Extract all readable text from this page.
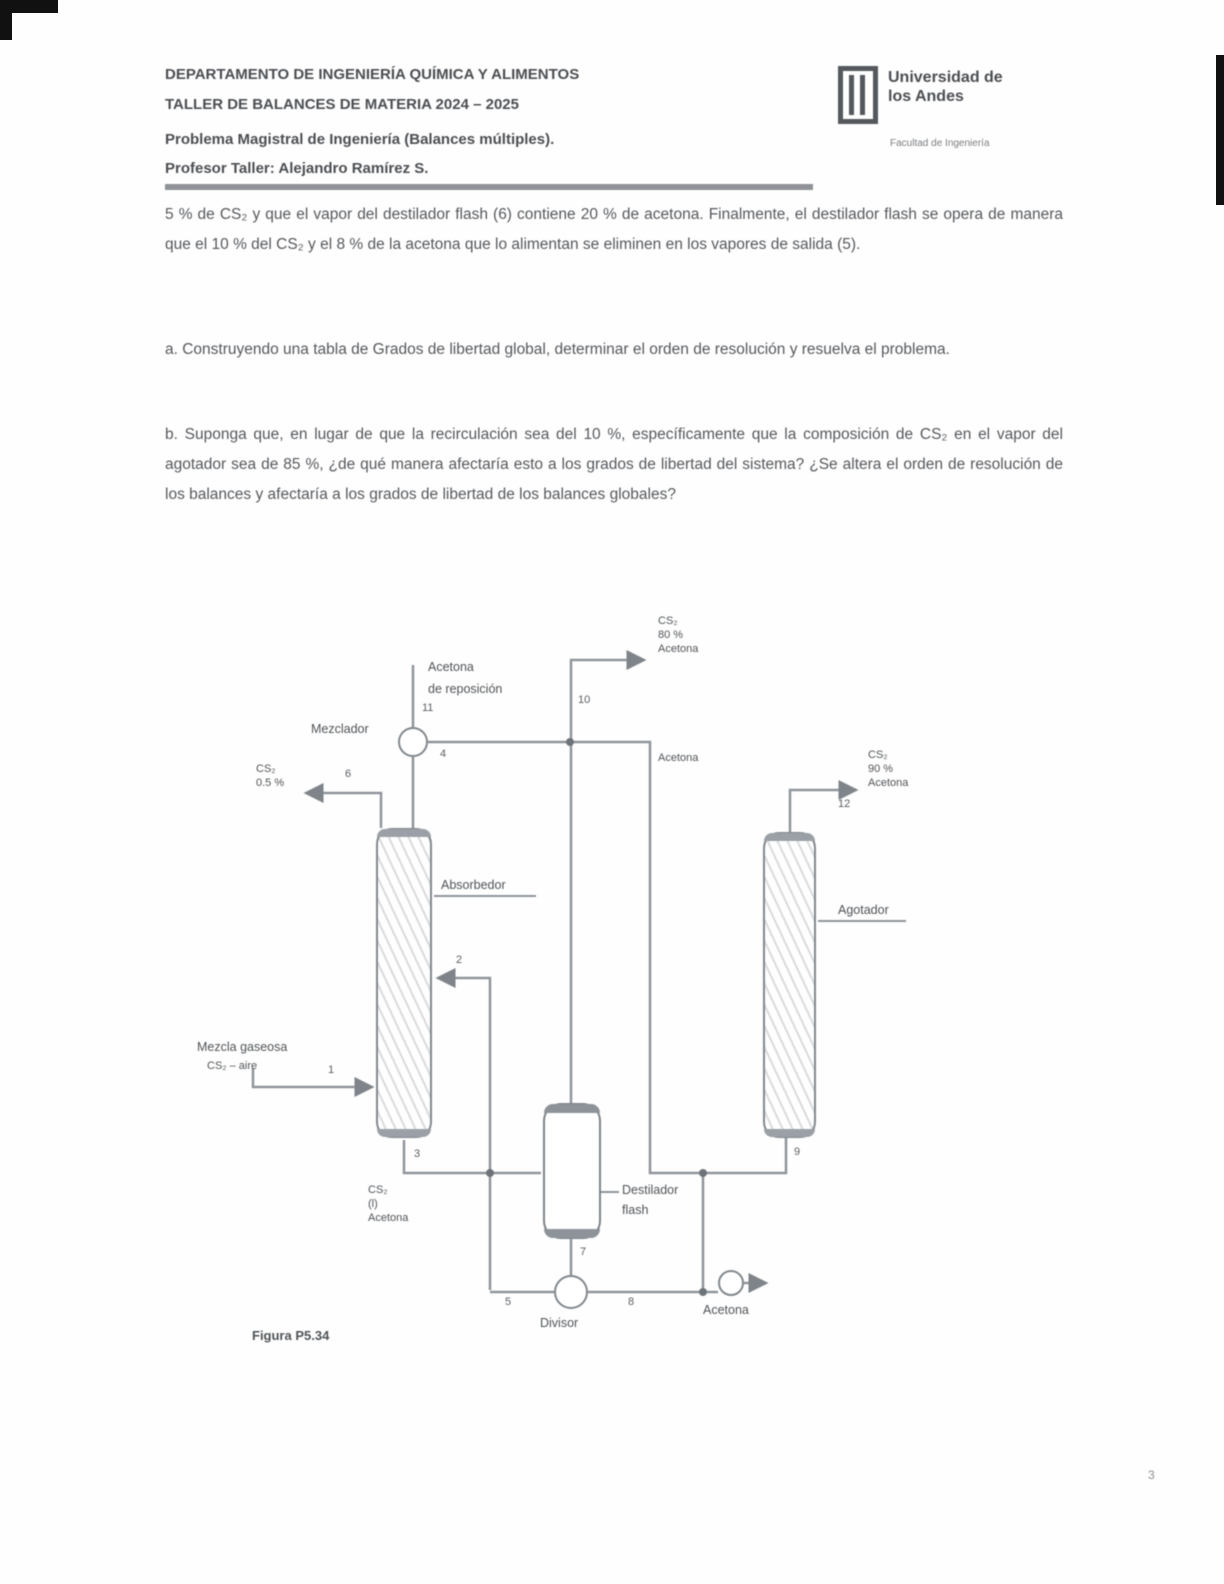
DEPARTAMENTO DE INGENIERÍA QUÍMICA Y ALIMENTOS
TALLER DE BALANCES DE MATERIA 2024 – 2025
Problema Magistral de Ingeniería (Balances múltiples).
Profesor Taller: Alejandro Ramírez S.
Universidad de
los Andes
Facultad de Ingeniería
5 % de CS₂ y que el vapor del destilador flash (6) contiene 20 % de acetona. Finalmente, el destilador flash se opera de manera que el 10 % del CS₂ y el 8 % de la acetona que lo alimentan se eliminen en los vapores de salida (5).
a. Construyendo una tabla de Grados de libertad global, determinar el orden de resolución y resuelva el problema.
b. Suponga que, en lugar de que la recirculación sea del 10 %, específicamente que la composición de CS₂ en el vapor del agotador sea de 85 %, ¿de qué manera afectaría esto a los grados de libertad del sistema? ¿Se altera el orden de resolución de los balances y afectaría a los grados de libertad de los balances globales?
Absorbedor
Agotador
Destilador
flash
Mezclador
Divisor
Mezcla gaseosa
CS₂ – aire
Acetona
de reposición
Acetona
Acetona
CS₂
0.5 %
CS₂
80 %
Acetona
CS₂
90 %
Acetona
CS₂
(l)
Acetona
1
2
3
4
5
6
7
8
9
10
11
12
Figura P5.34
3
